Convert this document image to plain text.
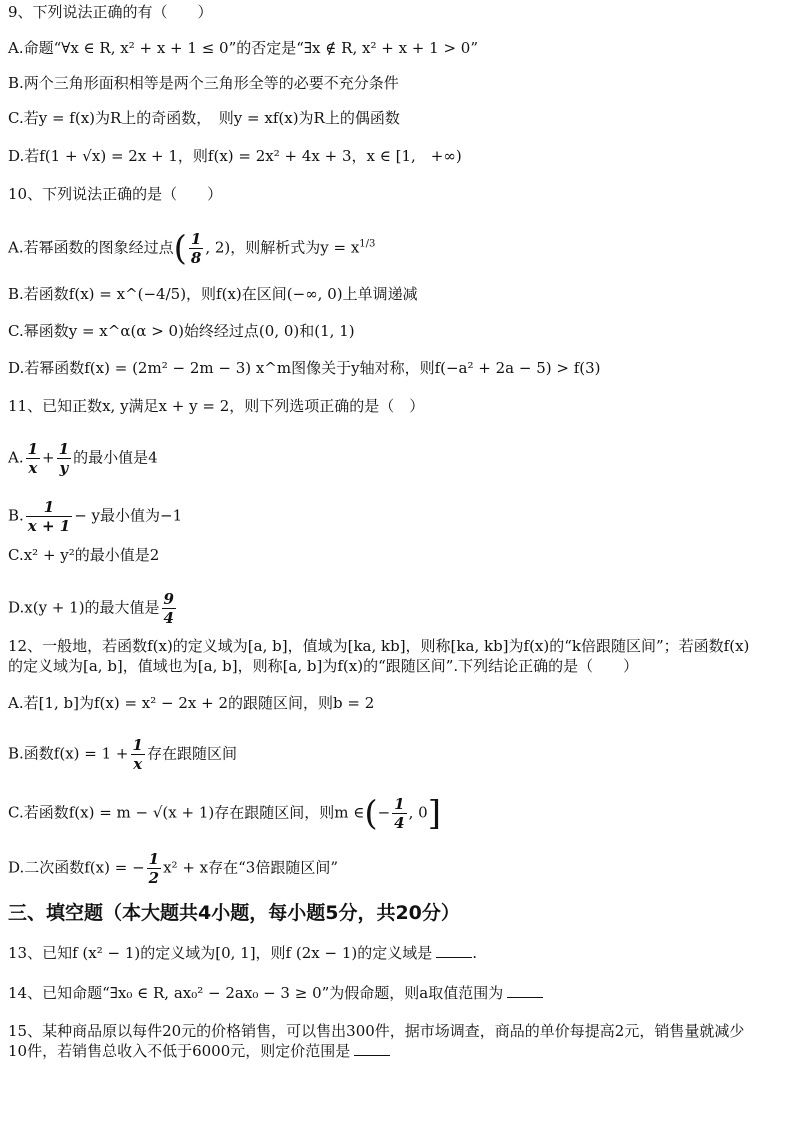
9、下列说法正确的有（　　）
A.命题“∀x ∈ R, x² + x + 1 ≤ 0”的否定是“∃x ∉ R, x² + x + 1 > 0”
B.两个三角形面积相等是两个三角形全等的必要不充分条件
C.若y = f(x)为R上的奇函数，　则y = xf(x)为R上的偶函数
D.若f(1 + √x) = 2x + 1，则f(x) = 2x² + 4x + 3，x ∈ [1,　+∞)
10、下列说法正确的是（　　）
A.若幂函数的图象经过点( $\frac{1}{8}$ , 2)，则解析式为$y = x^{1/3}$
B.若函数f(x) = x^(−4/5)，则f(x)在区间(−∞, 0)上单调递减
C.幂函数y = x^α(α > 0)始终经过点(0, 0)和(1, 1)
D.若幂函数f(x) = (2m² − 2m − 3) x^m图像关于y轴对称，则f(−a² + 2a − 5) > f(3)
11、已知正数x, y满足x + y = 2，则下列选项正确的是（　）
A. $\frac{1}{x} + \frac{1}{y}$ 的最小值是4
B. $\frac{1}{x + 1} - y$最小值为−1
C.x² + y²的最小值是2
D.x(y + 1)的最大值是 $\frac{9}{4}$
12、一般地，若函数f(x)的定义域为[a, b]，值域为[ka, kb]，则称[ka, kb]为f(x)的“k倍跟随区间”；若函数f(x)
的定义域为[a, b]，值域也为[a, b]，则称[a, b]为f(x)的“跟随区间”.下列结论正确的是（　　）
A.若[1, b]为f(x) = x² − 2x + 2的跟随区间，则b = 2
B.函数$f(x) = 1 + \frac{1}{x}$ 存在跟随区间
C.若函数f(x) = m − √(x + 1)存在跟随区间，则m ∈(− $\frac{1}{4}$ , 0]
D.二次函数f(x) = − $\frac{1}{2} x^2 + x$存在“3倍跟随区间”
三、填空题（本大题共4小题，每小题5分，共20分）
13、已知f (x² − 1)的定义域为[0, 1]，则f (2x − 1)的定义域是	.
14、已知命题“∃x₀ ∈ R, ax₀² − 2ax₀ − 3 ≥ 0”为假命题，则a取值范围为
15、某种商品原以每件20元的价格销售，可以售出300件，据市场调查，商品的单价每提高2元，销售量就减少
10件，若销售总收入不低于6000元，则定价范围是
